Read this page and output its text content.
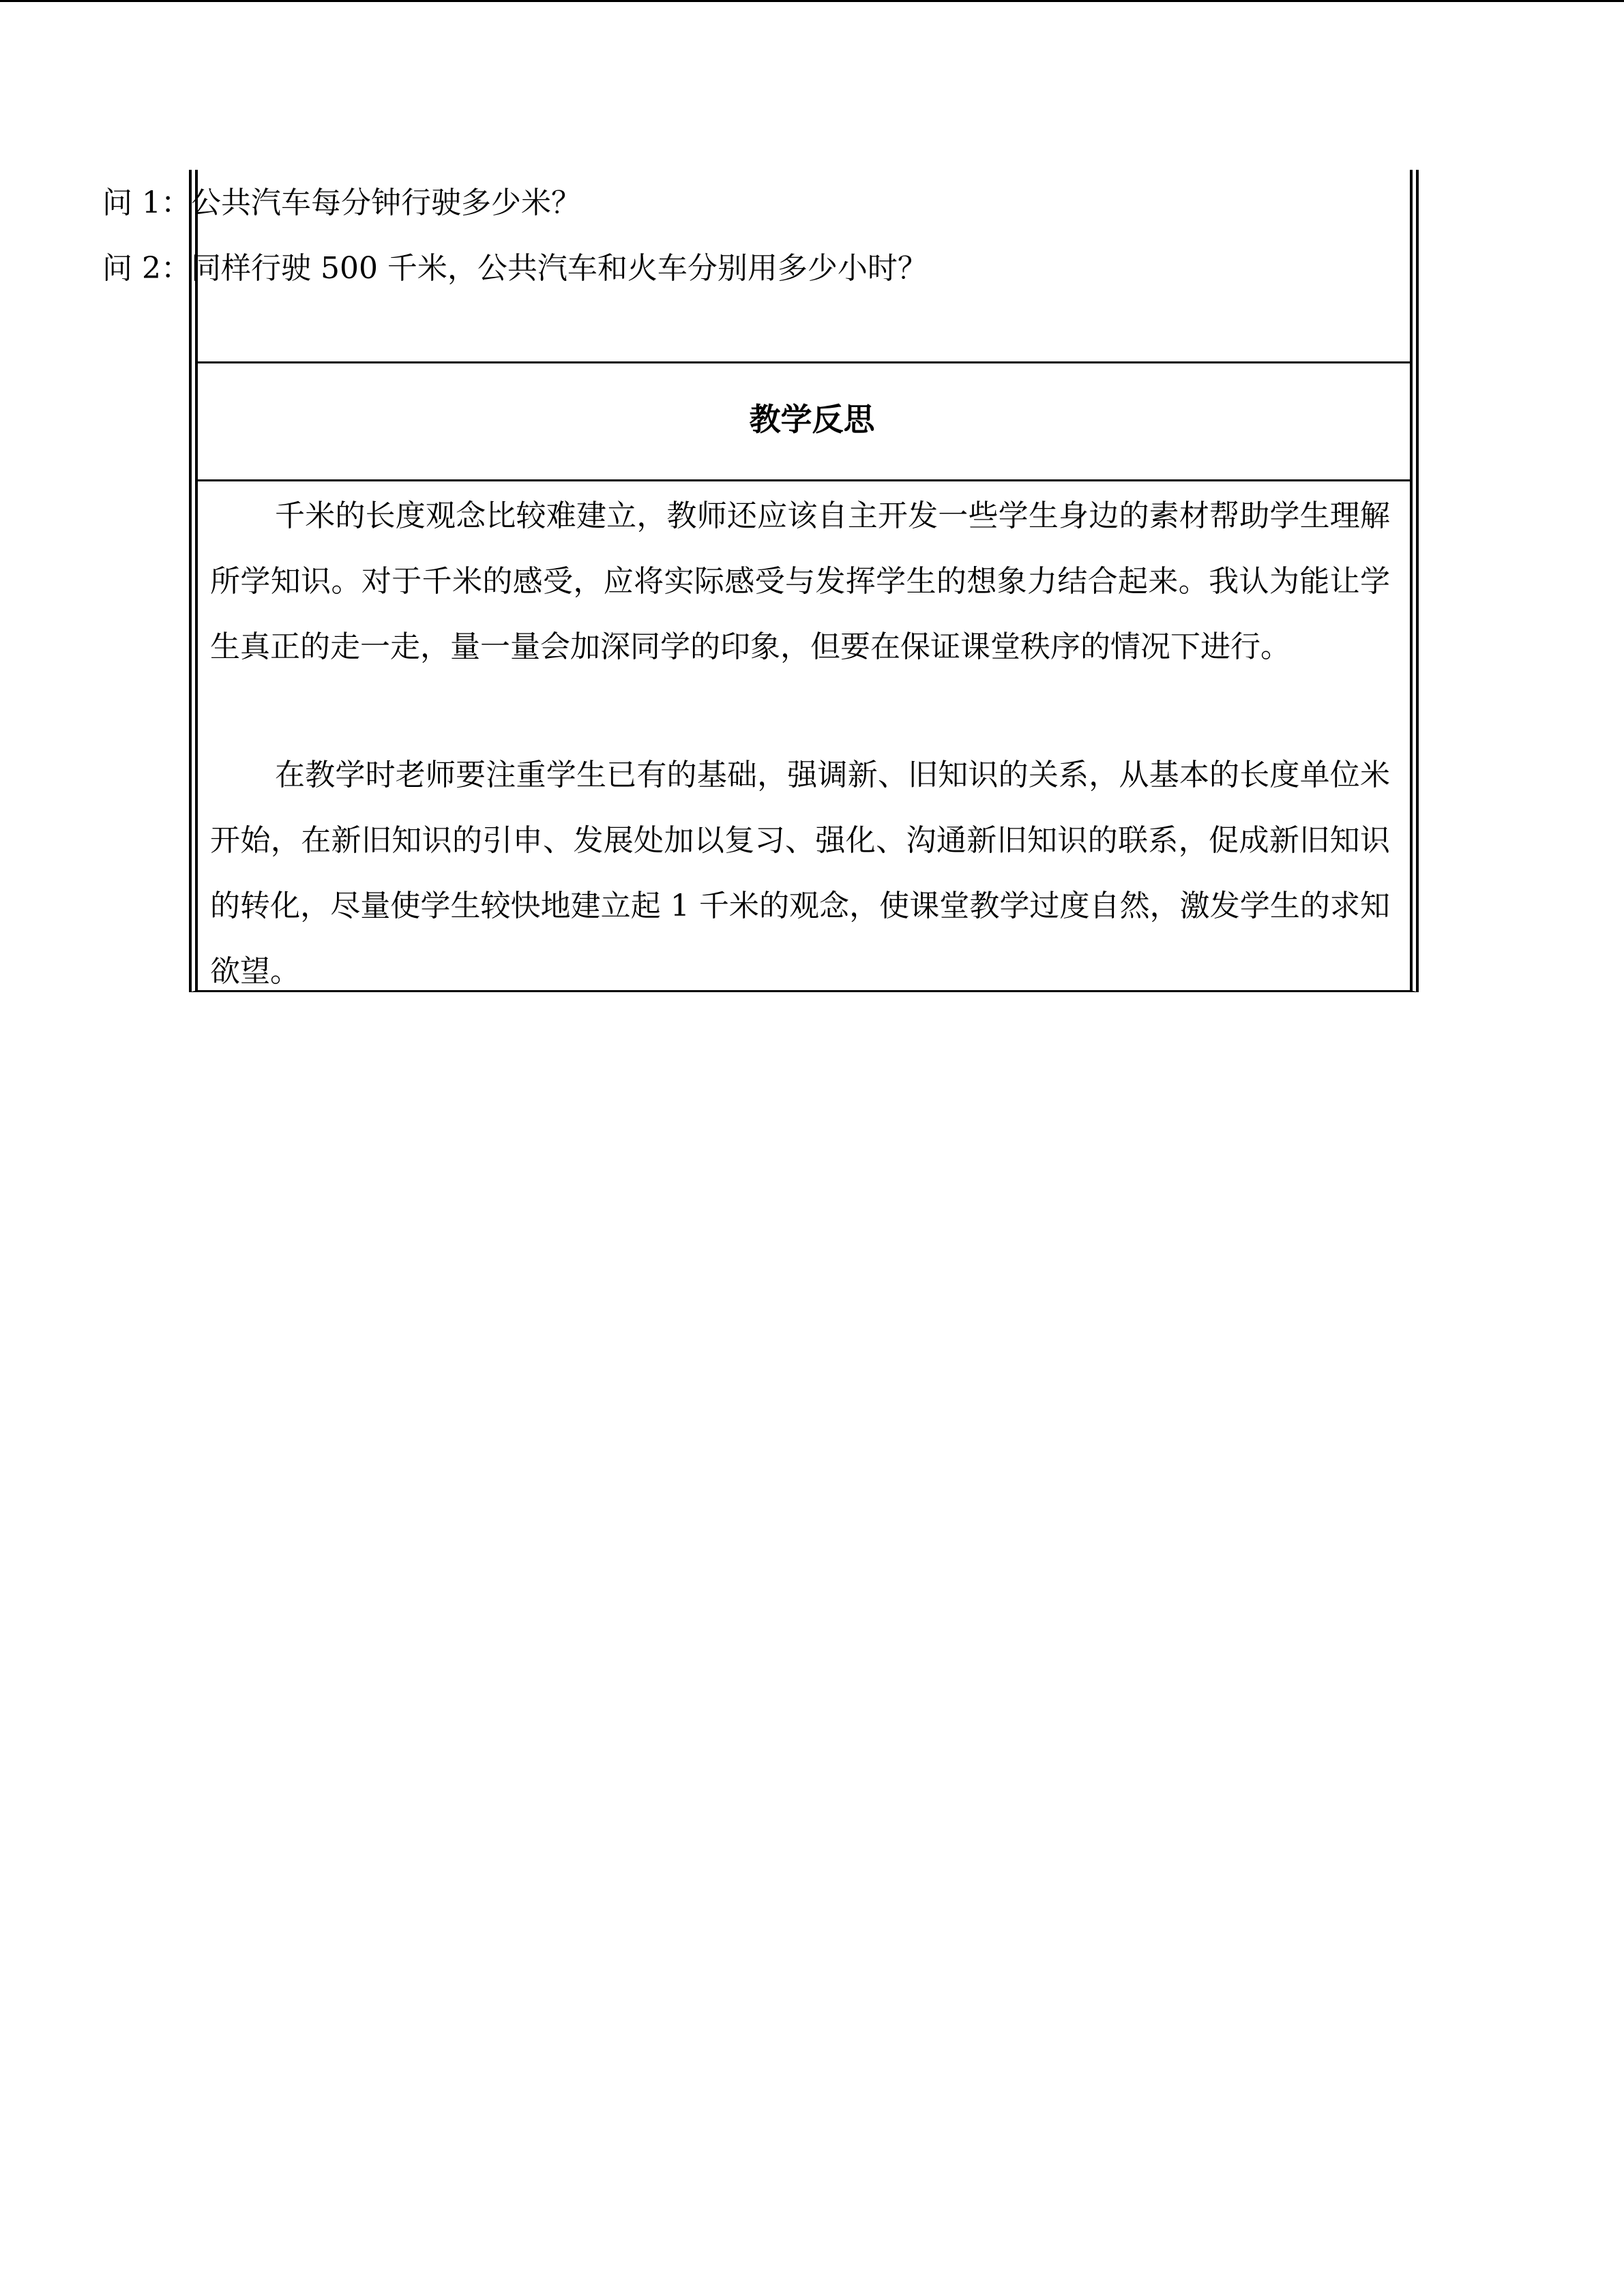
问 1：公共汽车每分钟行驶多少米？
问 2：同样行驶 500 千米，公共汽车和火车分别用多少小时？
教学反思

千米的长度观念比较难建立，教师还应该自主开发一些学生身边的素材帮助学生理解所学知识。对于千米的感受，应将实际感受与发挥学生的想象力结合起来。我认为能让学生真正的走一走，量一量会加深同学的印象，但要在保证课堂秩序的情况下进行。

在教学时老师要注重学生已有的基础，强调新、旧知识的关系，从基本的长度单位米开始，在新旧知识的引申、发展处加以复习、强化、沟通新旧知识的联系，促成新旧知识的转化，尽量使学生较快地建立起 1 千米的观念，使课堂教学过度自然，激发学生的求知欲望。
